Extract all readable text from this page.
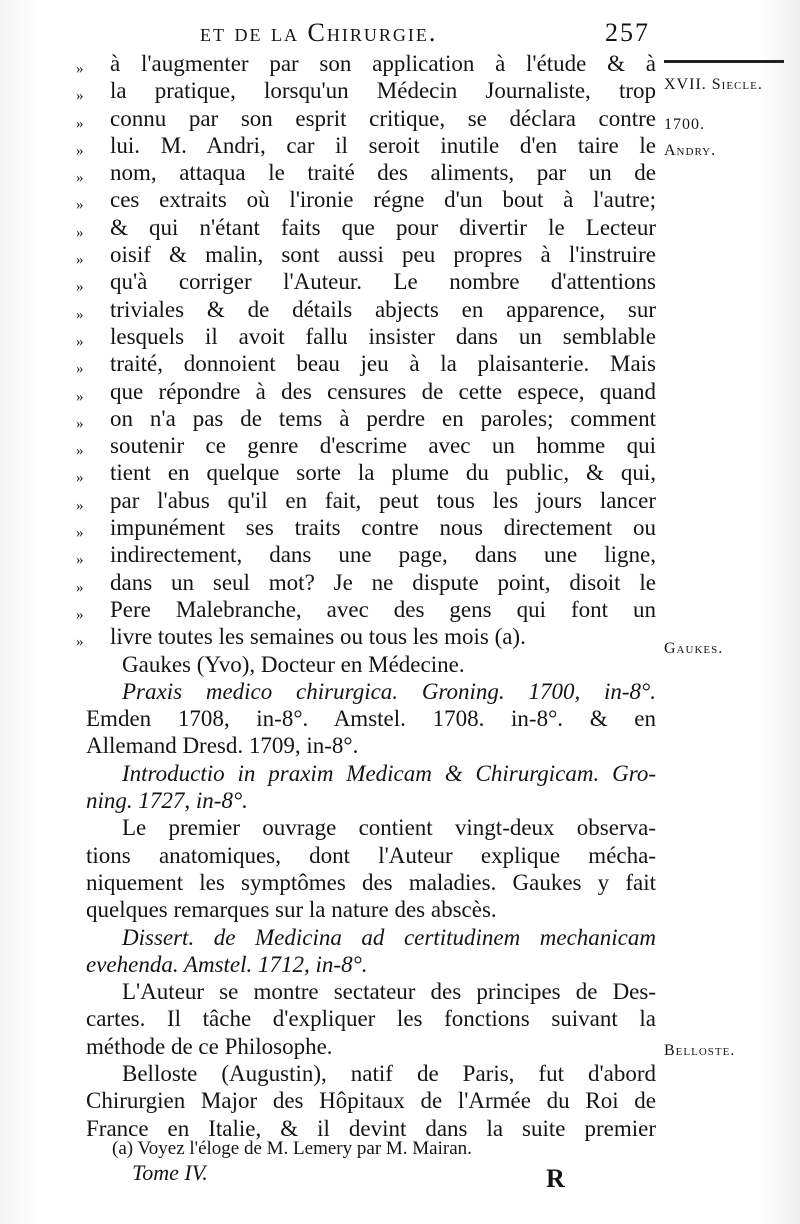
et de la Chirurgie.	257
XVII. Siecle.
1700.
Andry.
Gaukes.
Belloste.
»	à l'augmenter par son application à l'étude & à
»	la pratique, lorsqu'un Médecin Journaliste, trop
»	connu par son esprit critique, se déclara contre
»	lui. M. Andri, car il seroit inutile d'en taire le
»	nom, attaqua le traité des aliments, par un de
»	ces extraits où l'ironie régne d'un bout à l'autre;
»	& qui n'étant faits que pour divertir le Lecteur
»	oisif & malin, sont aussi peu propres à l'instruire
»	qu'à corriger l'Auteur. Le nombre d'attentions
»	triviales & de détails abjects en apparence, sur
»	lesquels il avoit fallu insister dans un semblable
»	traité, donnoient beau jeu à la plaisanterie. Mais
»	que répondre à des censures de cette espece, quand
»	on n'a pas de tems à perdre en paroles; comment
»	soutenir ce genre d'escrime avec un homme qui
»	tient en quelque sorte la plume du public, & qui,
»	par l'abus qu'il en fait, peut tous les jours lancer
»	impunément ses traits contre nous directement ou
»	indirectement, dans une page, dans une ligne,
»	dans un seul mot? Je ne dispute point, disoit le
»	Pere Malebranche, avec des gens qui font un
»	livre toutes les semaines ou tous les mois (a).
Gaukes (Yvo), Docteur en Médecine.
Praxis medico chirurgica. Groning. 1700, in-8°.
Emden 1708, in-8°. Amstel. 1708. in-8°. & en
Allemand Dresd. 1709, in-8°.
Introductio in praxim Medicam & Chirurgicam. Gro-
ning. 1727, in-8°.
Le premier ouvrage contient vingt-deux observa-
tions anatomiques, dont l'Auteur explique mécha-
niquement les symptômes des maladies. Gaukes y fait
quelques remarques sur la nature des abscès.
Dissert. de Medicina ad certitudinem mechanicam
evehenda. Amstel. 1712, in-8°.
L'Auteur se montre sectateur des principes de Des-
cartes. Il tâche d'expliquer les fonctions suivant la
méthode de ce Philosophe.
Belloste (Augustin), natif de Paris, fut d'abord
Chirurgien Major des Hôpitaux de l'Armée du Roi de
France en Italie, & il devint dans la suite premier
(a) Voyez l'éloge de M. Lemery par M. Mairan.
Tome IV.	R
